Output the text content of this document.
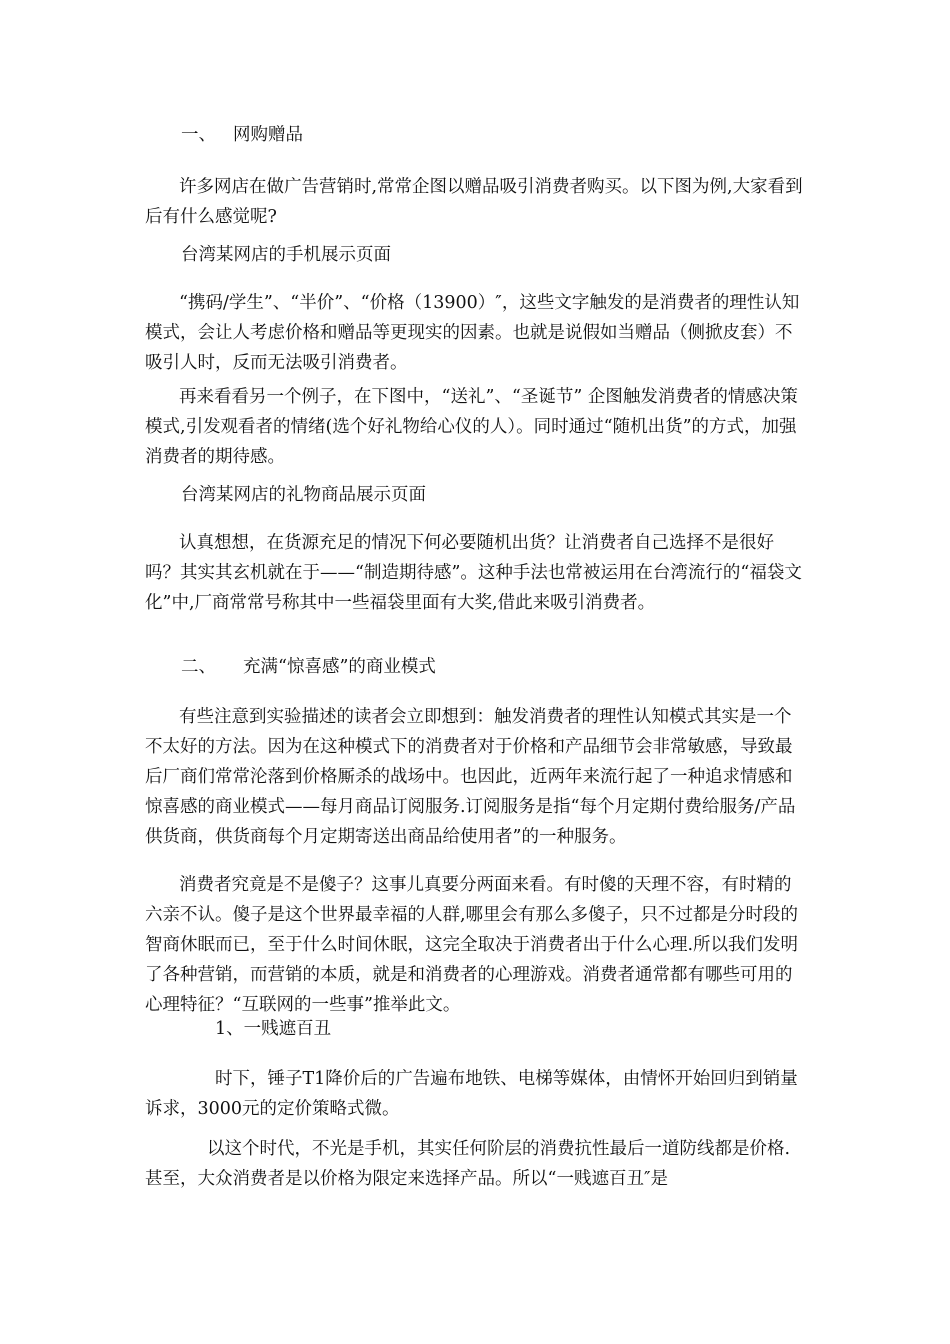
一、 网购赠品

许多网店在做广告营销时,常常企图以赠品吸引消费者购买。以下图为例,大家看到后有什么感觉呢?

台湾某网店的手机展示页面

“携码/学生”、“半价”、“价格（13900）″，这些文字触发的是消费者的理性认知模式，会让人考虑价格和赠品等更现实的因素。也就是说假如当赠品（侧掀皮套）不吸引人时，反而无法吸引消费者。

再来看看另一个例子，在下图中，“送礼”、“圣诞节” 企图触发消费者的情感决策模式,引发观看者的情绪(选个好礼物给心仪的人）。同时通过“随机出货”的方式，加强消费者的期待感。

台湾某网店的礼物商品展示页面

认真想想，在货源充足的情况下何必要随机出货？让消费者自己选择不是很好吗？其实其玄机就在于——“制造期待感”。这种手法也常被运用在台湾流行的“福袋文化”中,厂商常常号称其中一些福袋里面有大奖,借此来吸引消费者。

二、 充满“惊喜感”的商业模式

有些注意到实验描述的读者会立即想到：触发消费者的理性认知模式其实是一个不太好的方法。因为在这种模式下的消费者对于价格和产品细节会非常敏感，导致最后厂商们常常沦落到价格厮杀的战场中。也因此，近两年来流行起了一种追求情感和惊喜感的商业模式——每月商品订阅服务.订阅服务是指“每个月定期付费给服务/产品供货商，供货商每个月定期寄送出商品给使用者”的一种服务。

消费者究竟是不是傻子？这事儿真要分两面来看。有时傻的天理不容，有时精的六亲不认。傻子是这个世界最幸福的人群,哪里会有那么多傻子，只不过都是分时段的智商休眠而已，至于什么时间休眠，这完全取决于消费者出于什么心理.所以我们发明了各种营销，而营销的本质，就是和消费者的心理游戏。消费者通常都有哪些可用的心理特征？“互联网的一些事”推举此文。

1、一贱遮百丑

时下，锤子T1降价后的广告遍布地铁、电梯等媒体，由情怀开始回归到销量诉求，3000元的定价策略式微。

以这个时代，不光是手机，其实任何阶层的消费抗性最后一道防线都是价格.甚至，大众消费者是以价格为限定来选择产品。所以“一贱遮百丑″是
